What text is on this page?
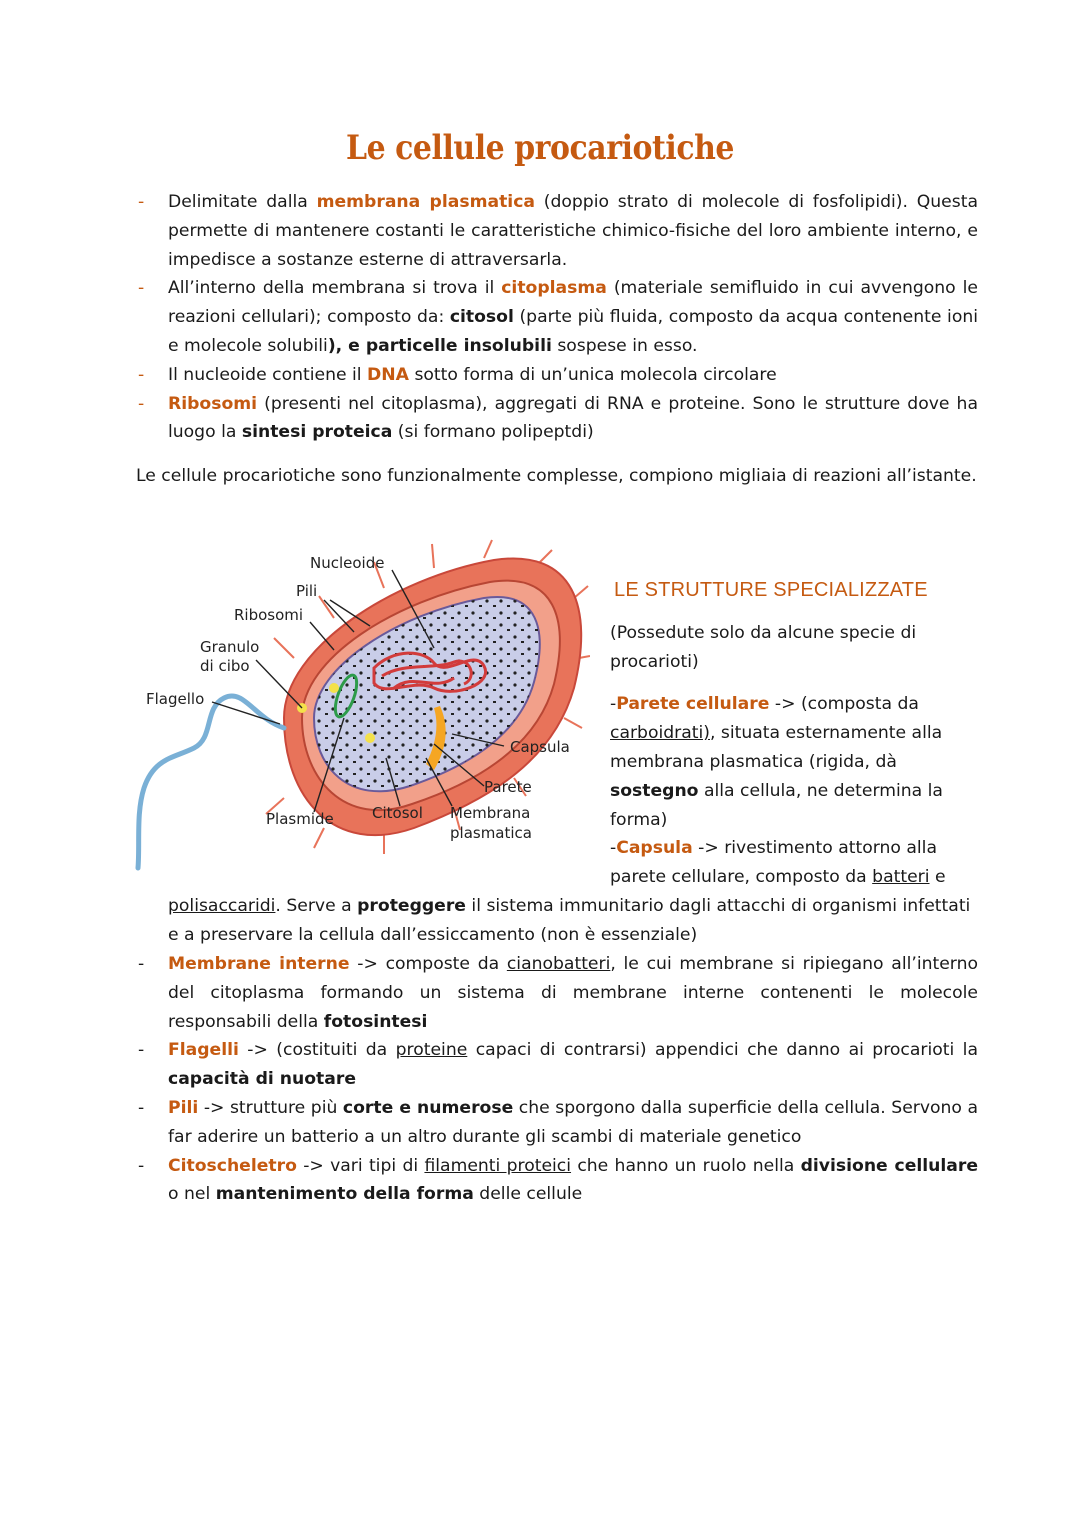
Le cellule procariotiche
- Delimitate dalla membrana plasmatica (doppio strato di molecole di fosfolipidi). Questa permette di mantenere costanti le caratteristiche chimico-fisiche del loro ambiente interno, e impedisce a sostanze esterne di attraversarla.
- All’interno della membrana si trova il citoplasma (materiale semifluido in cui avvengono le reazioni cellulari); composto da: citosol (parte più fluida, composto da acqua contenente ioni e molecole solubili), e particelle insolubili sospese in esso.
- Il nucleoide contiene il DNA sotto forma di un’unica molecola circolare
- Ribosomi (presenti nel citoplasma), aggregati di RNA e proteine. Sono le strutture dove ha luogo la sintesi proteica (si formano polipeptdi)
Le cellule procariotiche sono funzionalmente complesse, compiono migliaia di reazioni all’istante.
Nucleoide
Pili
Ribosomi
Granulo
di cibo
Flagello
Capsula
Parete
Membrana
plasmatica
Citosol
Plasmide
LE STRUTTURE SPECIALIZZATE

(Possedute solo da alcune specie di procarioti)

-Parete cellulare -> (composta da carboidrati), situata esternamente alla membrana plasmatica (rigida, dà sostegno alla cellula, ne determina la forma)

-Capsula -> rivestimento attorno alla parete cellulare, composto da batteri e

polisaccaridi. Serve a proteggere il sistema immunitario dagli attacchi di organismi infettati e a preservare la cellula dall’essiccamento (non è essenziale)
- Membrane interne -> composte da cianobatteri, le cui membrane si ripiegano all’interno del citoplasma formando un sistema di membrane interne contenenti le molecole responsabili della fotosintesi
- Flagelli -> (costituiti da proteine capaci di contrarsi) appendici che danno ai procarioti la capacità di nuotare
- Pili -> strutture più corte e numerose che sporgono dalla superficie della cellula. Servono a far aderire un batterio a un altro durante gli scambi di materiale genetico
- Citoscheletro -> vari tipi di filamenti proteici che hanno un ruolo nella divisione cellulare o nel mantenimento della forma delle cellule
